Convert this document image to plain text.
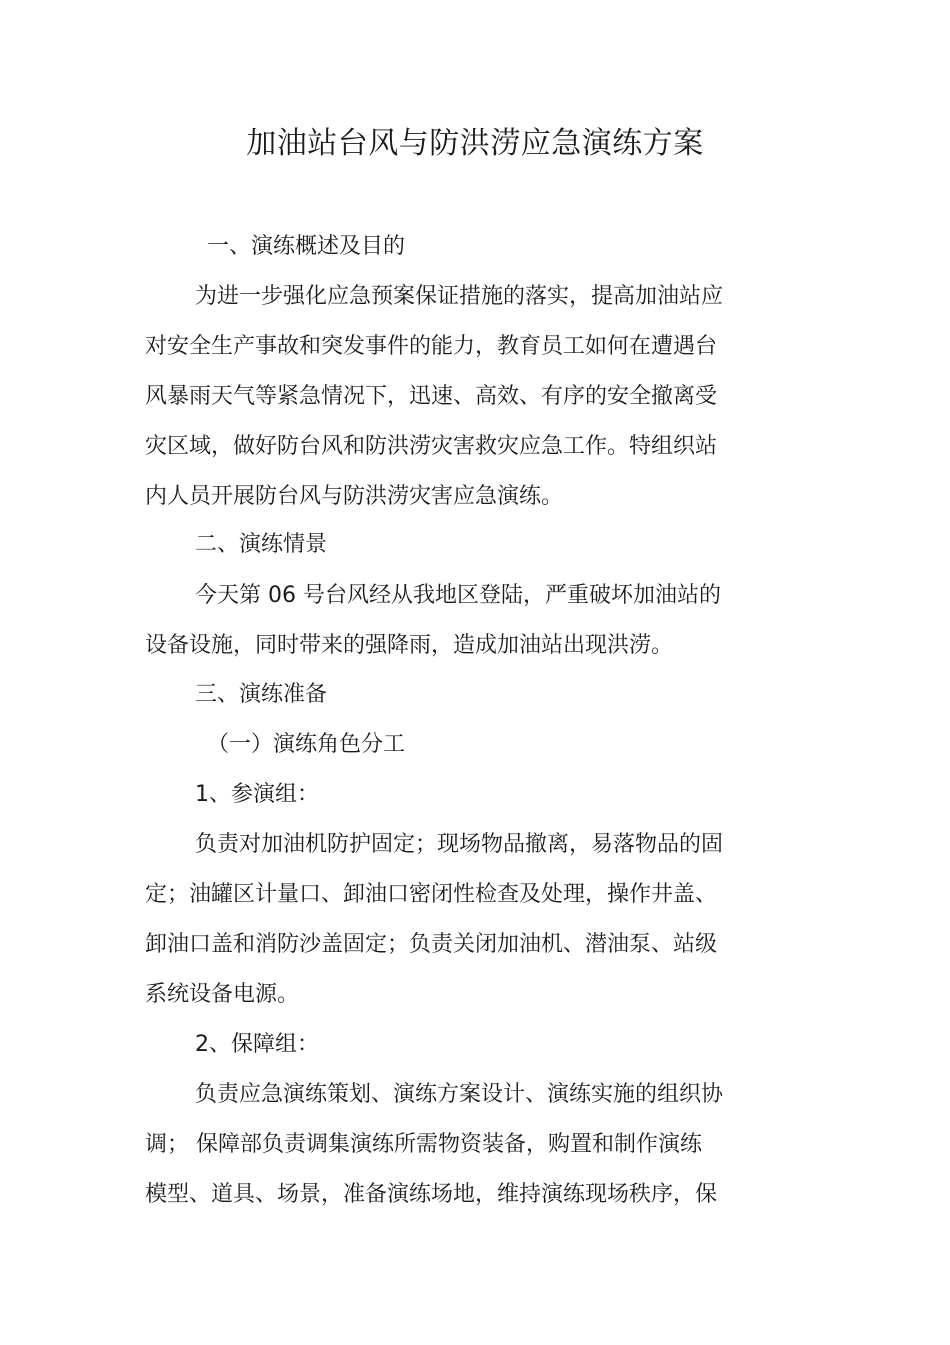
加油站台风与防洪涝应急演练方案

一、演练概述及目的

为进一步强化应急预案保证措施的落实，提高加油站应

对安全生产事故和突发事件的能力，教育员工如何在遭遇台

风暴雨天气等紧急情况下，迅速、高效、有序的安全撤离受

灾区域，做好防台风和防洪涝灾害救灾应急工作。特组织站

内人员开展防台风与防洪涝灾害应急演练。

二、演练情景

今天第 06 号台风经从我地区登陆，严重破坏加油站的

设备设施，同时带来的强降雨，造成加油站出现洪涝。

三、演练准备

（一）演练角色分工

1、参演组：

负责对加油机防护固定；现场物品撤离，易落物品的固

定；油罐区计量口、卸油口密闭性检查及处理，操作井盖、

卸油口盖和消防沙盖固定；负责关闭加油机、潜油泵、站级

系统设备电源。

2、保障组：

负责应急演练策划、演练方案设计、演练实施的组织协

调； 保障部负责调集演练所需物资装备，购置和制作演练

模型、道具、场景，准备演练场地，维持演练现场秩序，保
